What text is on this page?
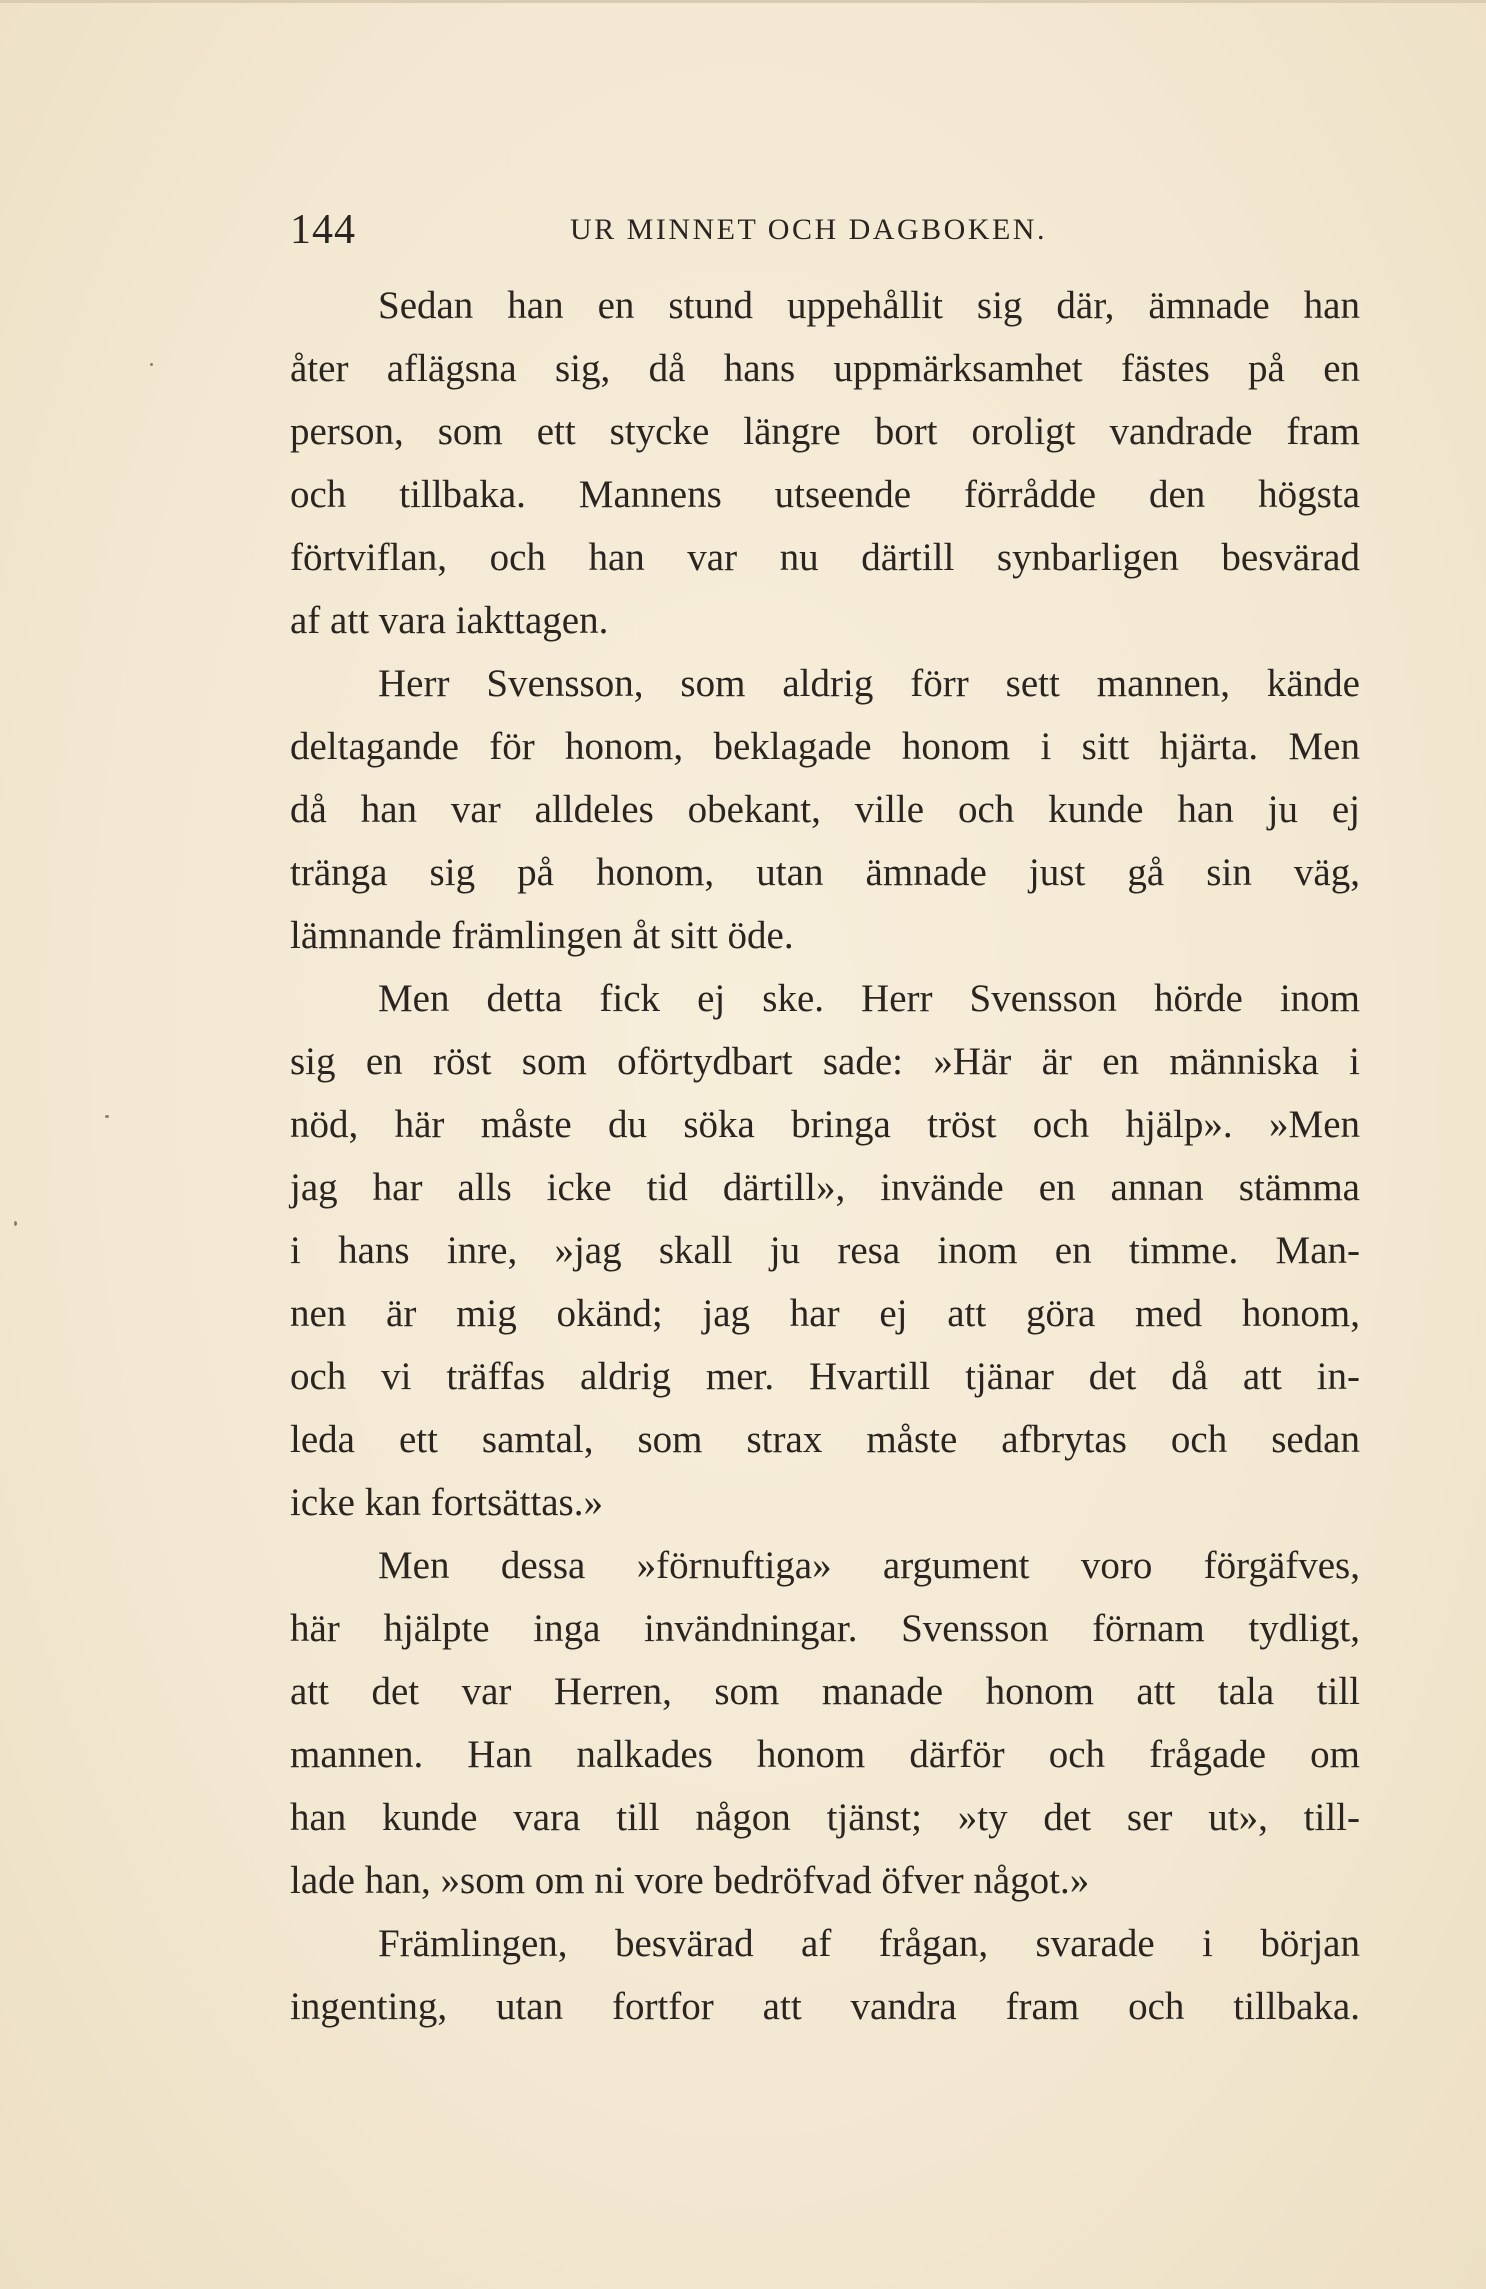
144	UR MINNET OCH DAGBOKEN.
Sedan han en stund uppehållit sig där, ämnade han
åter aflägsna sig, då hans uppmärksamhet fästes på en
person, som ett stycke längre bort oroligt vandrade fram
och tillbaka. Mannens utseende förrådde den högsta
förtviflan, och han var nu därtill synbarligen besvärad
af att vara iakttagen.
Herr Svensson, som aldrig förr sett mannen, kände
deltagande för honom, beklagade honom i sitt hjärta. Men
då han var alldeles obekant, ville och kunde han ju ej
tränga sig på honom, utan ämnade just gå sin väg,
lämnande främlingen åt sitt öde.
Men detta fick ej ske. Herr Svensson hörde inom
sig en röst som oförtydbart sade: »Här är en människa i
nöd, här måste du söka bringa tröst och hjälp». »Men
jag har alls icke tid därtill», invände en annan stämma
i hans inre, »jag skall ju resa inom en timme. Man-
nen är mig okänd; jag har ej att göra med honom,
och vi träffas aldrig mer. Hvartill tjänar det då att in-
leda ett samtal, som strax måste afbrytas och sedan
icke kan fortsättas.»
Men dessa »förnuftiga» argument voro förgäfves,
här hjälpte inga invändningar. Svensson förnam tydligt,
att det var Herren, som manade honom att tala till
mannen. Han nalkades honom därför och frågade om
han kunde vara till någon tjänst; »ty det ser ut», till-
lade han, »som om ni vore bedröfvad öfver något.»
Främlingen, besvärad af frågan, svarade i början
ingenting, utan fortfor att vandra fram och tillbaka.
